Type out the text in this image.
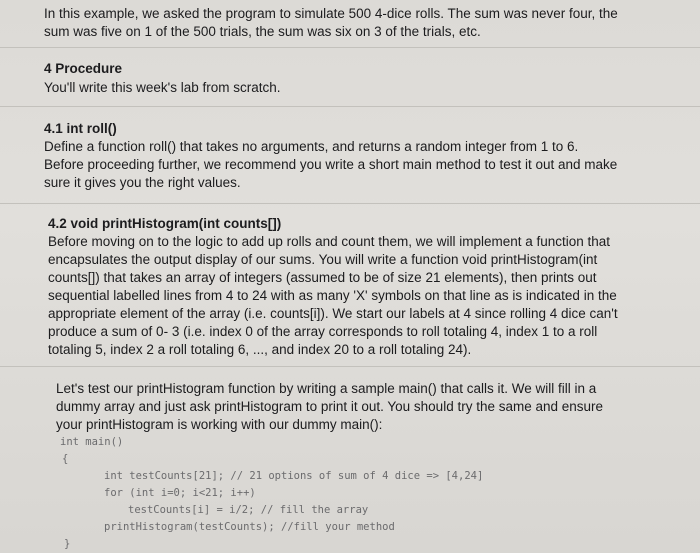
In this example, we asked the program to simulate 500 4-dice rolls. The sum was never four, the
sum was five on 1 of the 500 trials, the sum was six on 3 of the trials, etc.
4 Procedure
You'll write this week's lab from scratch.
4.1 int roll()
Define a function roll() that takes no arguments, and returns a random integer from 1 to 6.
Before proceeding further, we recommend you write a short main method to test it out and make
sure it gives you the right values.
4.2 void printHistogram(int counts[])
Before moving on to the logic to add up rolls and count them, we will implement a function that
encapsulates the output display of our sums. You will write a function void printHistogram(int
counts[]) that takes an array of integers (assumed to be of size 21 elements), then prints out
sequential labelled lines from 4 to 24 with as many 'X' symbols on that line as is indicated in the
appropriate element of the array (i.e. counts[i]). We start our labels at 4 since rolling 4 dice can't
produce a sum of 0- 3 (i.e. index 0 of the array corresponds to roll totaling 4, index 1 to a roll
totaling 5, index 2 a roll totaling 6, ..., and index 20 to a roll totaling 24).
Let's test our printHistogram function by writing a sample main() that calls it. We will fill in a
dummy array and just ask printHistogram to print it out. You should try the same and ensure
your printHistogram is working with our dummy main():
int main()
{
int testCounts[21]; // 21 options of sum of 4 dice => [4,24]
for (int i=0; i<21; i++)
testCounts[i] = i/2; // fill the array
printHistogram(testCounts); //fill your method
}
